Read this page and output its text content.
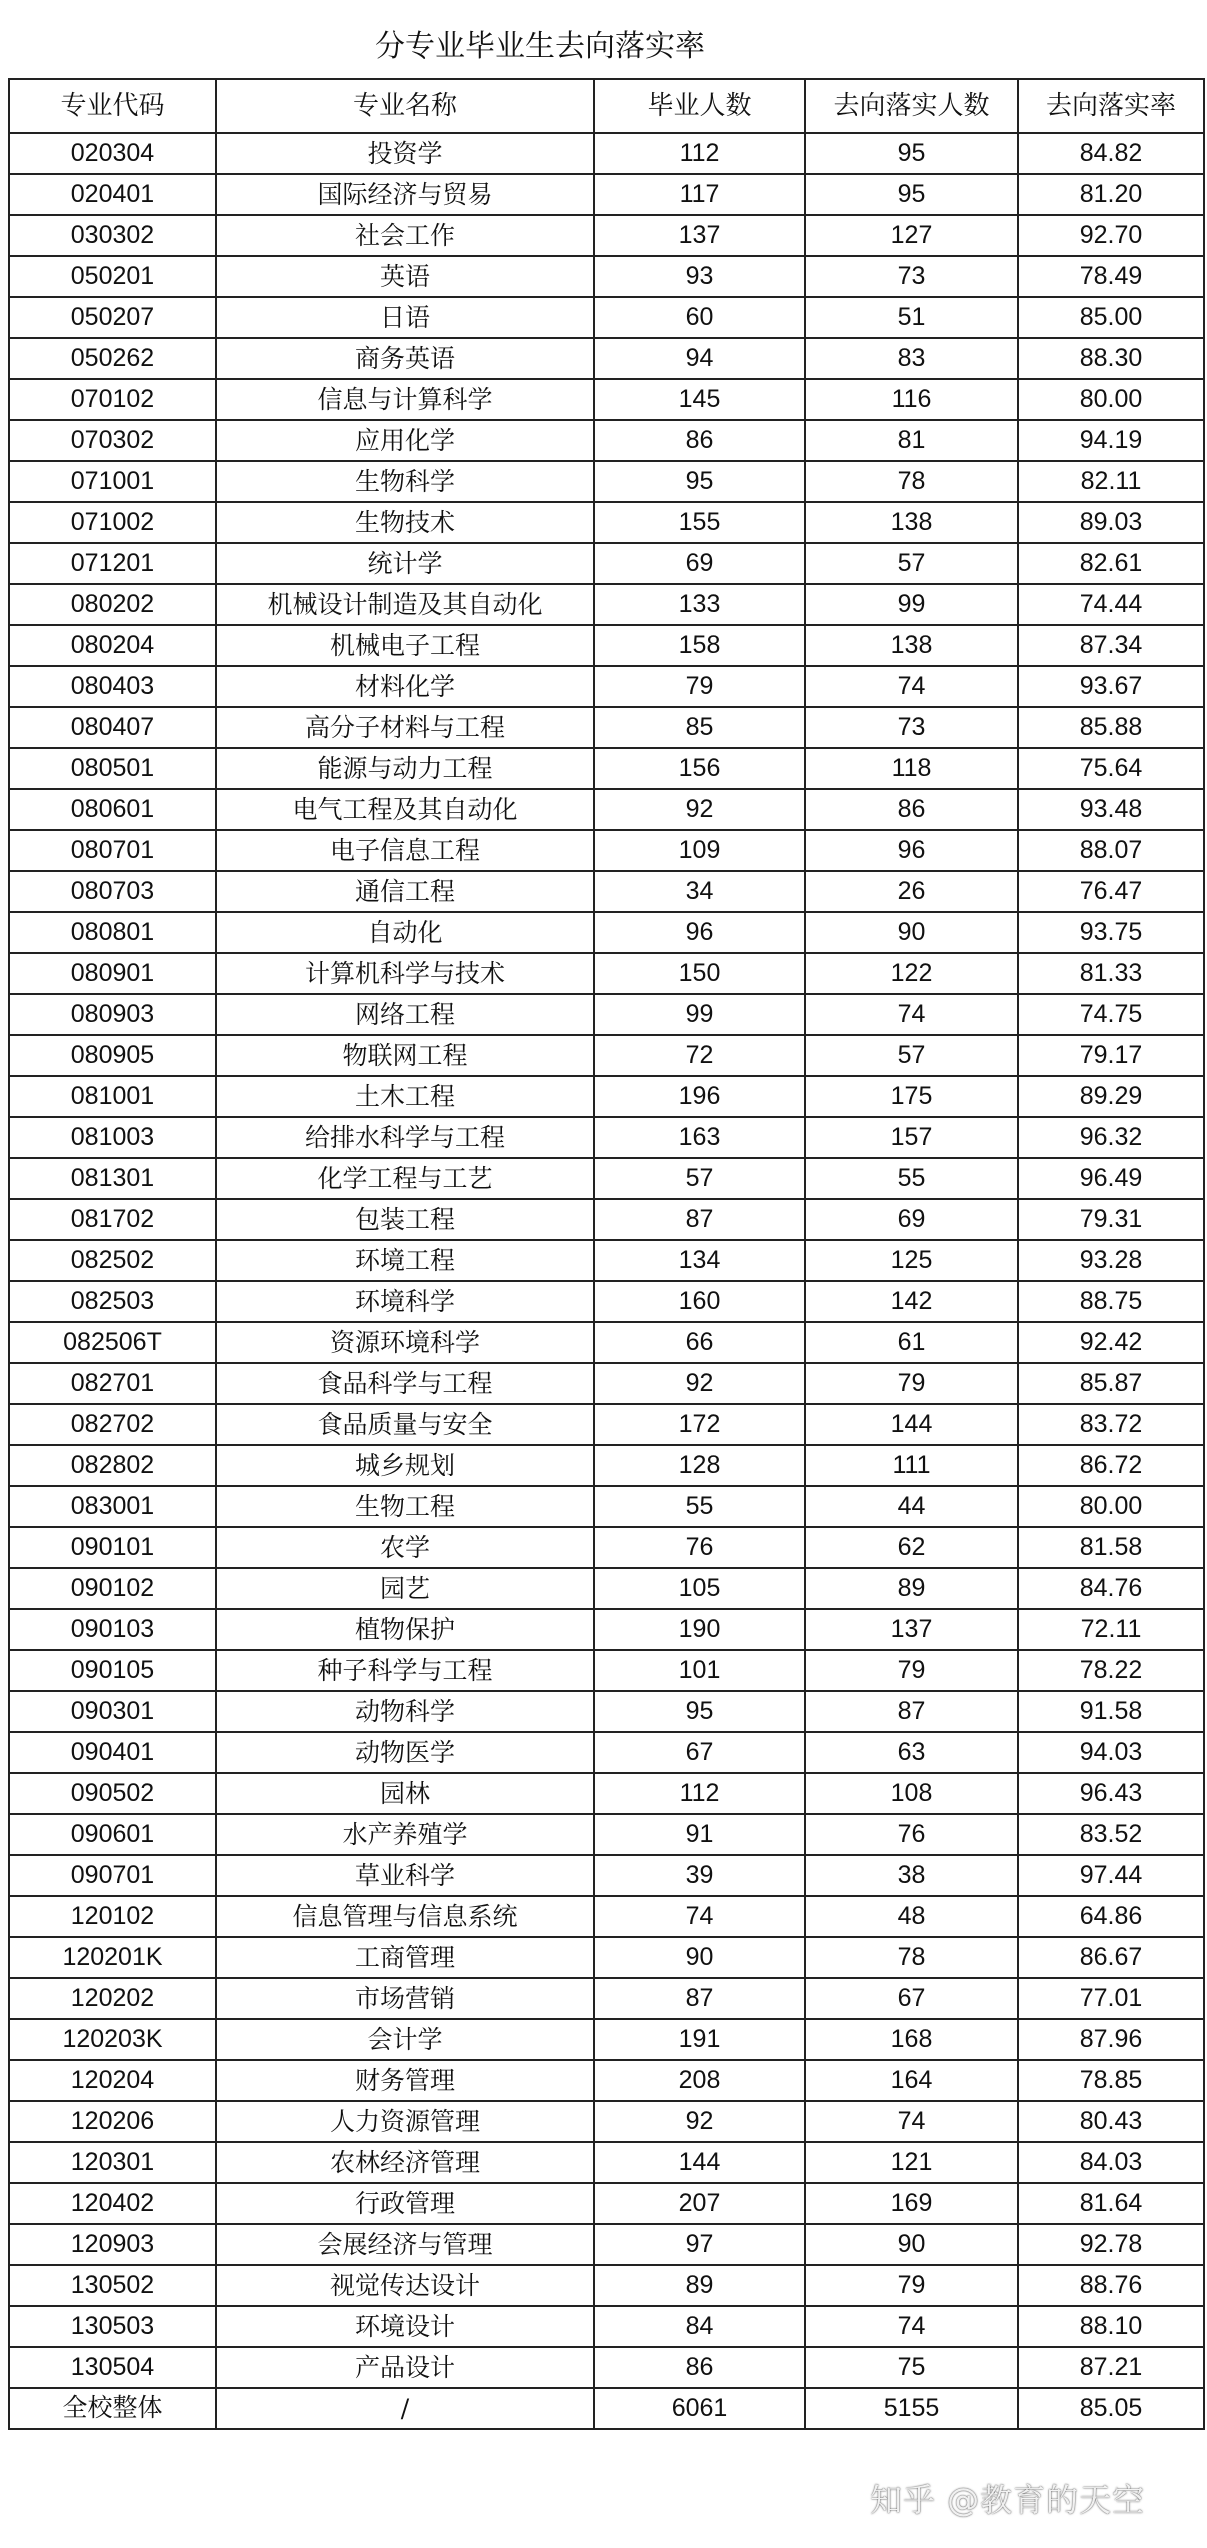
分专业毕业生去向落实率
专业代码	专业名称	毕业人数	去向落实人数	去向落实率
020304	投资学	112	95	84.82
020401	国际经济与贸易	117	95	81.20
030302	社会工作	137	127	92.70
050201	英语	93	73	78.49
050207	日语	60	51	85.00
050262	商务英语	94	83	88.30
070102	信息与计算科学	145	116	80.00
070302	应用化学	86	81	94.19
071001	生物科学	95	78	82.11
071002	生物技术	155	138	89.03
071201	统计学	69	57	82.61
080202	机械设计制造及其自动化	133	99	74.44
080204	机械电子工程	158	138	87.34
080403	材料化学	79	74	93.67
080407	高分子材料与工程	85	73	85.88
080501	能源与动力工程	156	118	75.64
080601	电气工程及其自动化	92	86	93.48
080701	电子信息工程	109	96	88.07
080703	通信工程	34	26	76.47
080801	自动化	96	90	93.75
080901	计算机科学与技术	150	122	81.33
080903	网络工程	99	74	74.75
080905	物联网工程	72	57	79.17
081001	土木工程	196	175	89.29
081003	给排水科学与工程	163	157	96.32
081301	化学工程与工艺	57	55	96.49
081702	包装工程	87	69	79.31
082502	环境工程	134	125	93.28
082503	环境科学	160	142	88.75
082506T	资源环境科学	66	61	92.42
082701	食品科学与工程	92	79	85.87
082702	食品质量与安全	172	144	83.72
082802	城乡规划	128	111	86.72
083001	生物工程	55	44	80.00
090101	农学	76	62	81.58
090102	园艺	105	89	84.76
090103	植物保护	190	137	72.11
090105	种子科学与工程	101	79	78.22
090301	动物科学	95	87	91.58
090401	动物医学	67	63	94.03
090502	园林	112	108	96.43
090601	水产养殖学	91	76	83.52
090701	草业科学	39	38	97.44
120102	信息管理与信息系统	74	48	64.86
120201K	工商管理	90	78	86.67
120202	市场营销	87	67	77.01
120203K	会计学	191	168	87.96
120204	财务管理	208	164	78.85
120206	人力资源管理	92	74	80.43
120301	农林经济管理	144	121	84.03
120402	行政管理	207	169	81.64
120903	会展经济与管理	97	90	92.78
130502	视觉传达设计	89	79	88.76
130503	环境设计	84	74	88.10
130504	产品设计	86	75	87.21
全校整体	/	6061	5155	85.05
知乎 @教育的天空
